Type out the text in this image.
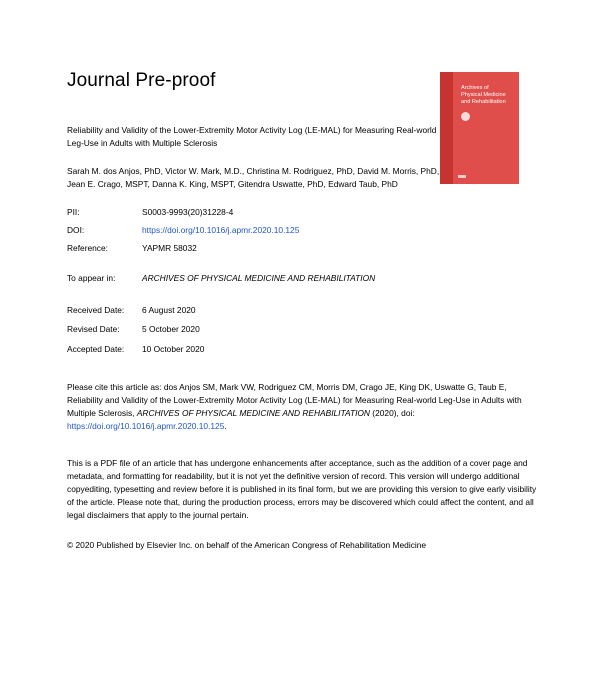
Journal Pre-proof	Archives of
Physical Medicine
and Rehabilitation
Reliability and Validity of the Lower-Extremity Motor Activity Log (LE-MAL) for Measuring Real-world Leg-Use in Adults with Multiple Sclerosis
Sarah M. dos Anjos, PhD, Victor W. Mark, M.D., Christina M. Rodriguez, PhD, David M. Morris, PhD, Jean E. Crago, MSPT, Danna K. King, MSPT, Gitendra Uswatte, PhD, Edward Taub, PhD
PII:	S0003-9993(20)31228-4
DOI:	https://doi.org/10.1016/j.apmr.2020.10.125
Reference:	YAPMR 58032
To appear in:	ARCHIVES OF PHYSICAL MEDICINE AND REHABILITATION
Received Date: 6 August 2020
Revised Date:	5 October 2020
Accepted Date: 10 October 2020

Please cite this article as: dos Anjos SM, Mark VW, Rodriguez CM, Morris DM, Crago JE, King DK, Uswatte G, Taub E, Reliability and Validity of the Lower-Extremity Motor Activity Log (LE-MAL) for Measuring Real-world Leg-Use in Adults with Multiple Sclerosis, ARCHIVES OF PHYSICAL MEDICINE AND REHABILITATION (2020), doi: https://doi.org/10.1016/j.apmr.2020.10.125.

This is a PDF file of an article that has undergone enhancements after acceptance, such as the addition of a cover page and metadata, and formatting for readability, but it is not yet the definitive version of record. This version will undergo additional copyediting, typesetting and review before it is published in its final form, but we are providing this version to give early visibility of the article. Please note that, during the production process, errors may be discovered which could affect the content, and all legal disclaimers that apply to the journal pertain.

© 2020 Published by Elsevier Inc. on behalf of the American Congress of Rehabilitation Medicine
